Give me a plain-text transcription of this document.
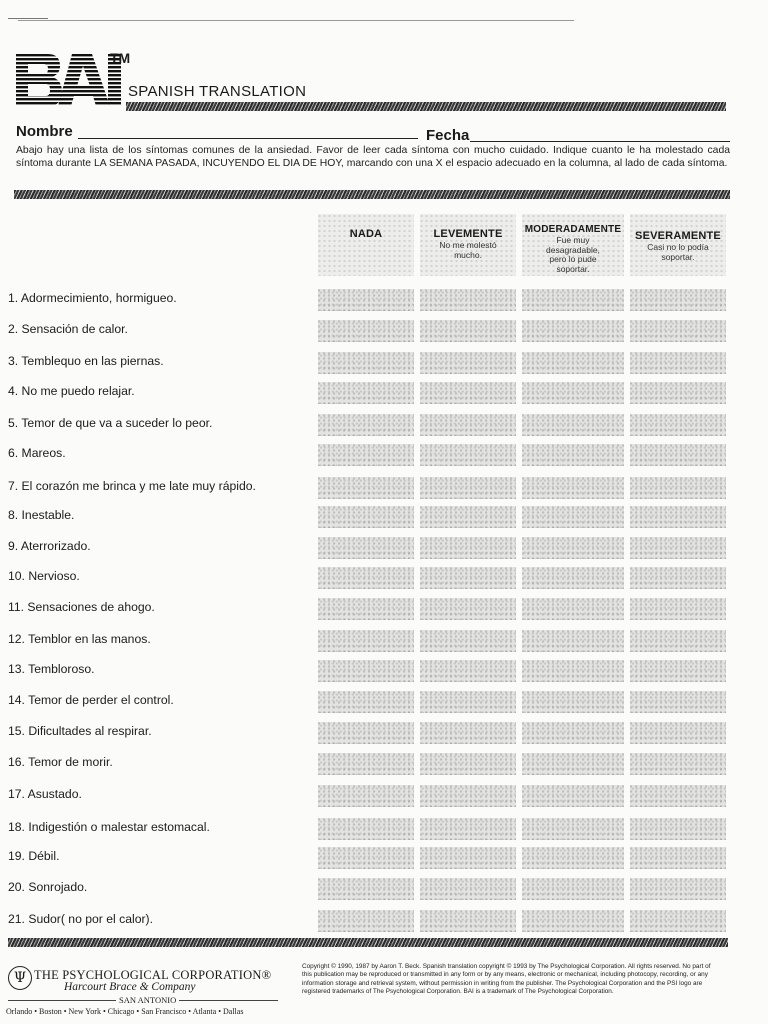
TM
SPANISH TRANSLATION
Nombre	Fecha
Abajo hay una lista de los síntomas comunes de la ansiedad. Favor de leer cada síntoma con mucho cuidado. Indique cuanto le ha molestado cada síntoma durante LA SEMANA PASADA, INCUYENDO EL DIA DE HOY, marcando con una X el espacio adecuado en la columna, al lado de cada síntoma.
NADA	LEVEMENTE
No me molestó mucho.
MODERADAMENTE
Fue muy desagradable, pero lo pude soportar.
SEVERAMENTE
Casi no lo podía soportar.
1. Adormecimiento, hormigueo.
2. Sensación de calor.
3. Temblequo en las piernas.
4. No me puedo relajar.
5. Temor de que va a suceder lo peor.
6. Mareos.
7. El corazón me brinca y me late muy rápido.
8. Inestable.
9. Aterrorizado.
10. Nervioso.
11. Sensaciones de ahogo.
12. Temblor en las manos.
13. Tembloroso.
14. Temor de perder el control.
15. Dificultades al respirar.
16. Temor de morir.
17. Asustado.
18. Indigestión o malestar estomacal.
19. Débil.
20. Sonrojado.
21. Sudor( no por el calor).
Ψ THE PSYCHOLOGICAL CORPORATION®
Harcourt Brace & Company
SAN ANTONIO
Orlando • Boston • New York • Chicago • San Francisco • Atlanta • Dallas
Copyright © 1990, 1987 by Aaron T. Beck. Spanish translation copyright © 1993 by The Psychological Corporation. All rights reserved. No part of this publication may be reproduced or transmitted in any form or by any means, electronic or mechanical, including photocopy, recording, or any information storage and retrieval system, without permission in writing from the publisher. The Psychological Corporation and the PSI logo are registered trademarks of The Psychological Corporation. BAI is a trademark of The Psychological Corporation.
